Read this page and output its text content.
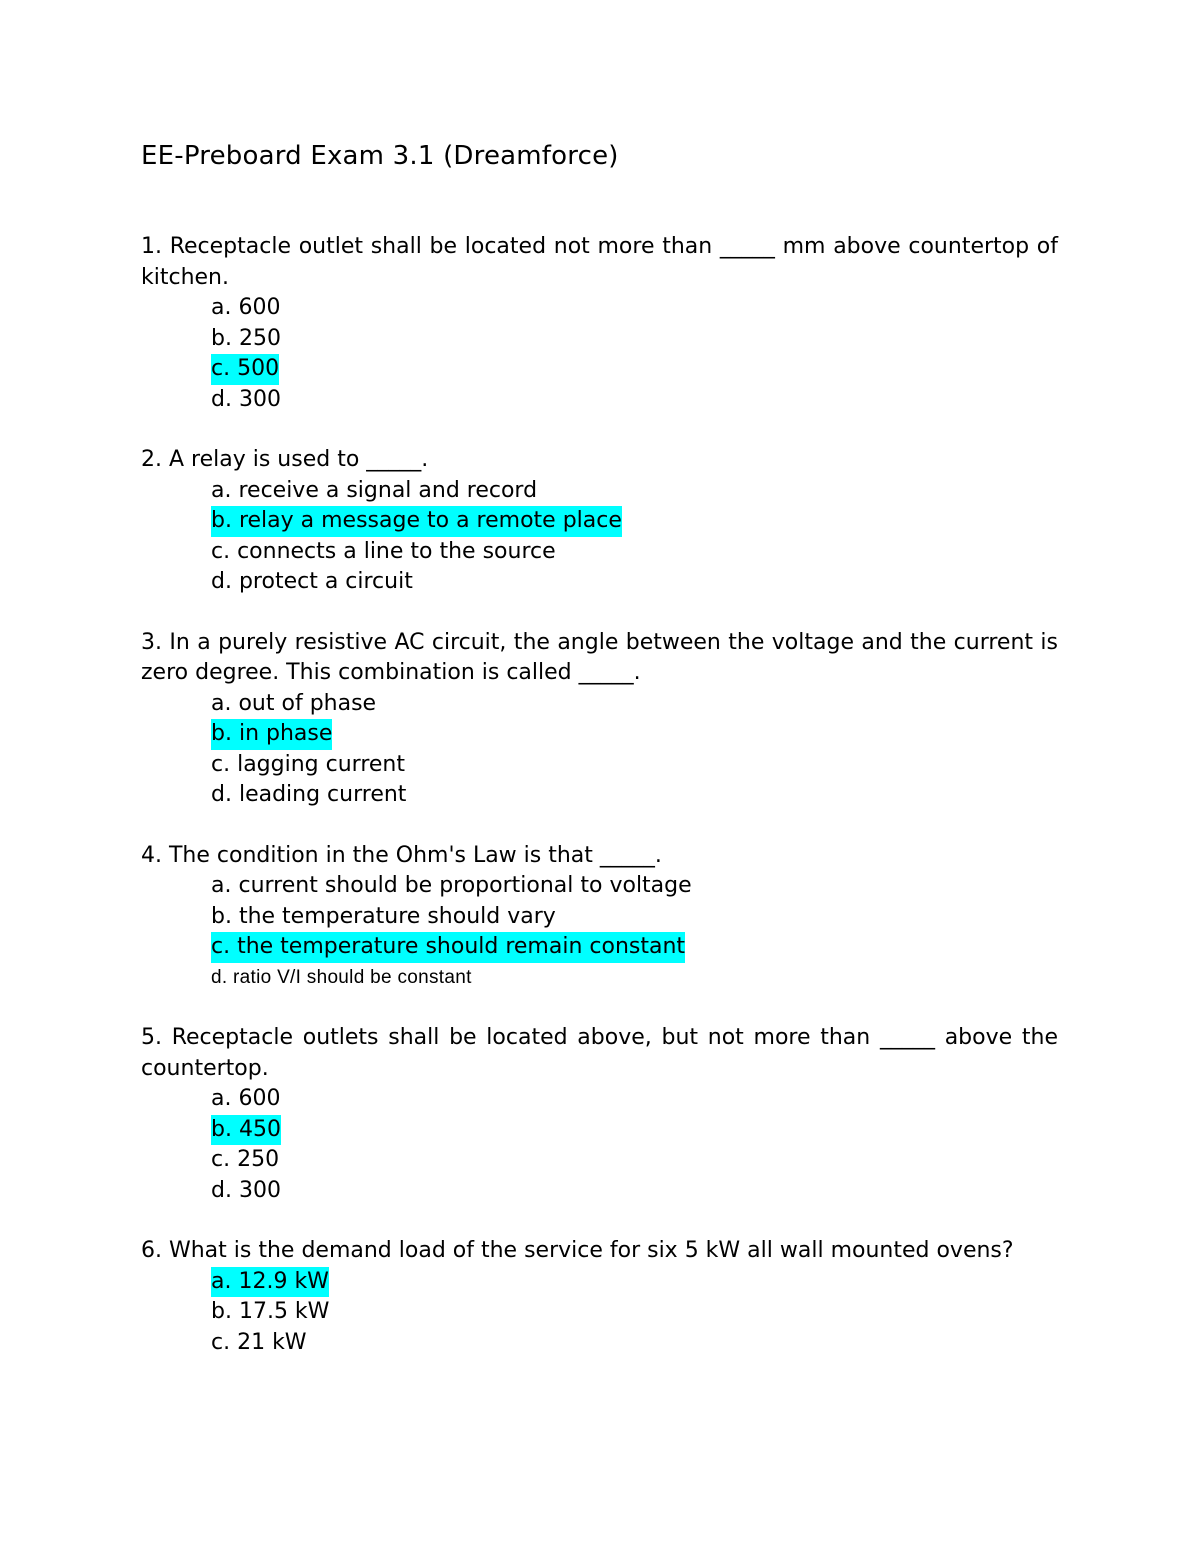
EE-Preboard Exam 3.1 (Dreamforce)

1. Receptacle outlet shall be located not more than _____ mm above countertop of kitchen.

a. 600
b. 250
c. 500
d. 300

2. A relay is used to _____.

a. receive a signal and record
b. relay a message to a remote place
c. connects a line to the source
d. protect a circuit

3. In a purely resistive AC circuit, the angle between the voltage and the current is zero degree. This combination is called _____.

a. out of phase
b. in phase
c. lagging current
d. leading current

4. The condition in the Ohm's Law is that _____.

a. current should be proportional to voltage
b. the temperature should vary
c. the temperature should remain constant
d. ratio V/I should be constant

5. Receptacle outlets shall be located above, but not more than _____ above the countertop.

a. 600
b. 450
c. 250
d. 300

6. What is the demand load of the service for six 5 kW all wall mounted ovens?

a. 12.9 kW
b. 17.5 kW
c. 21 kW
